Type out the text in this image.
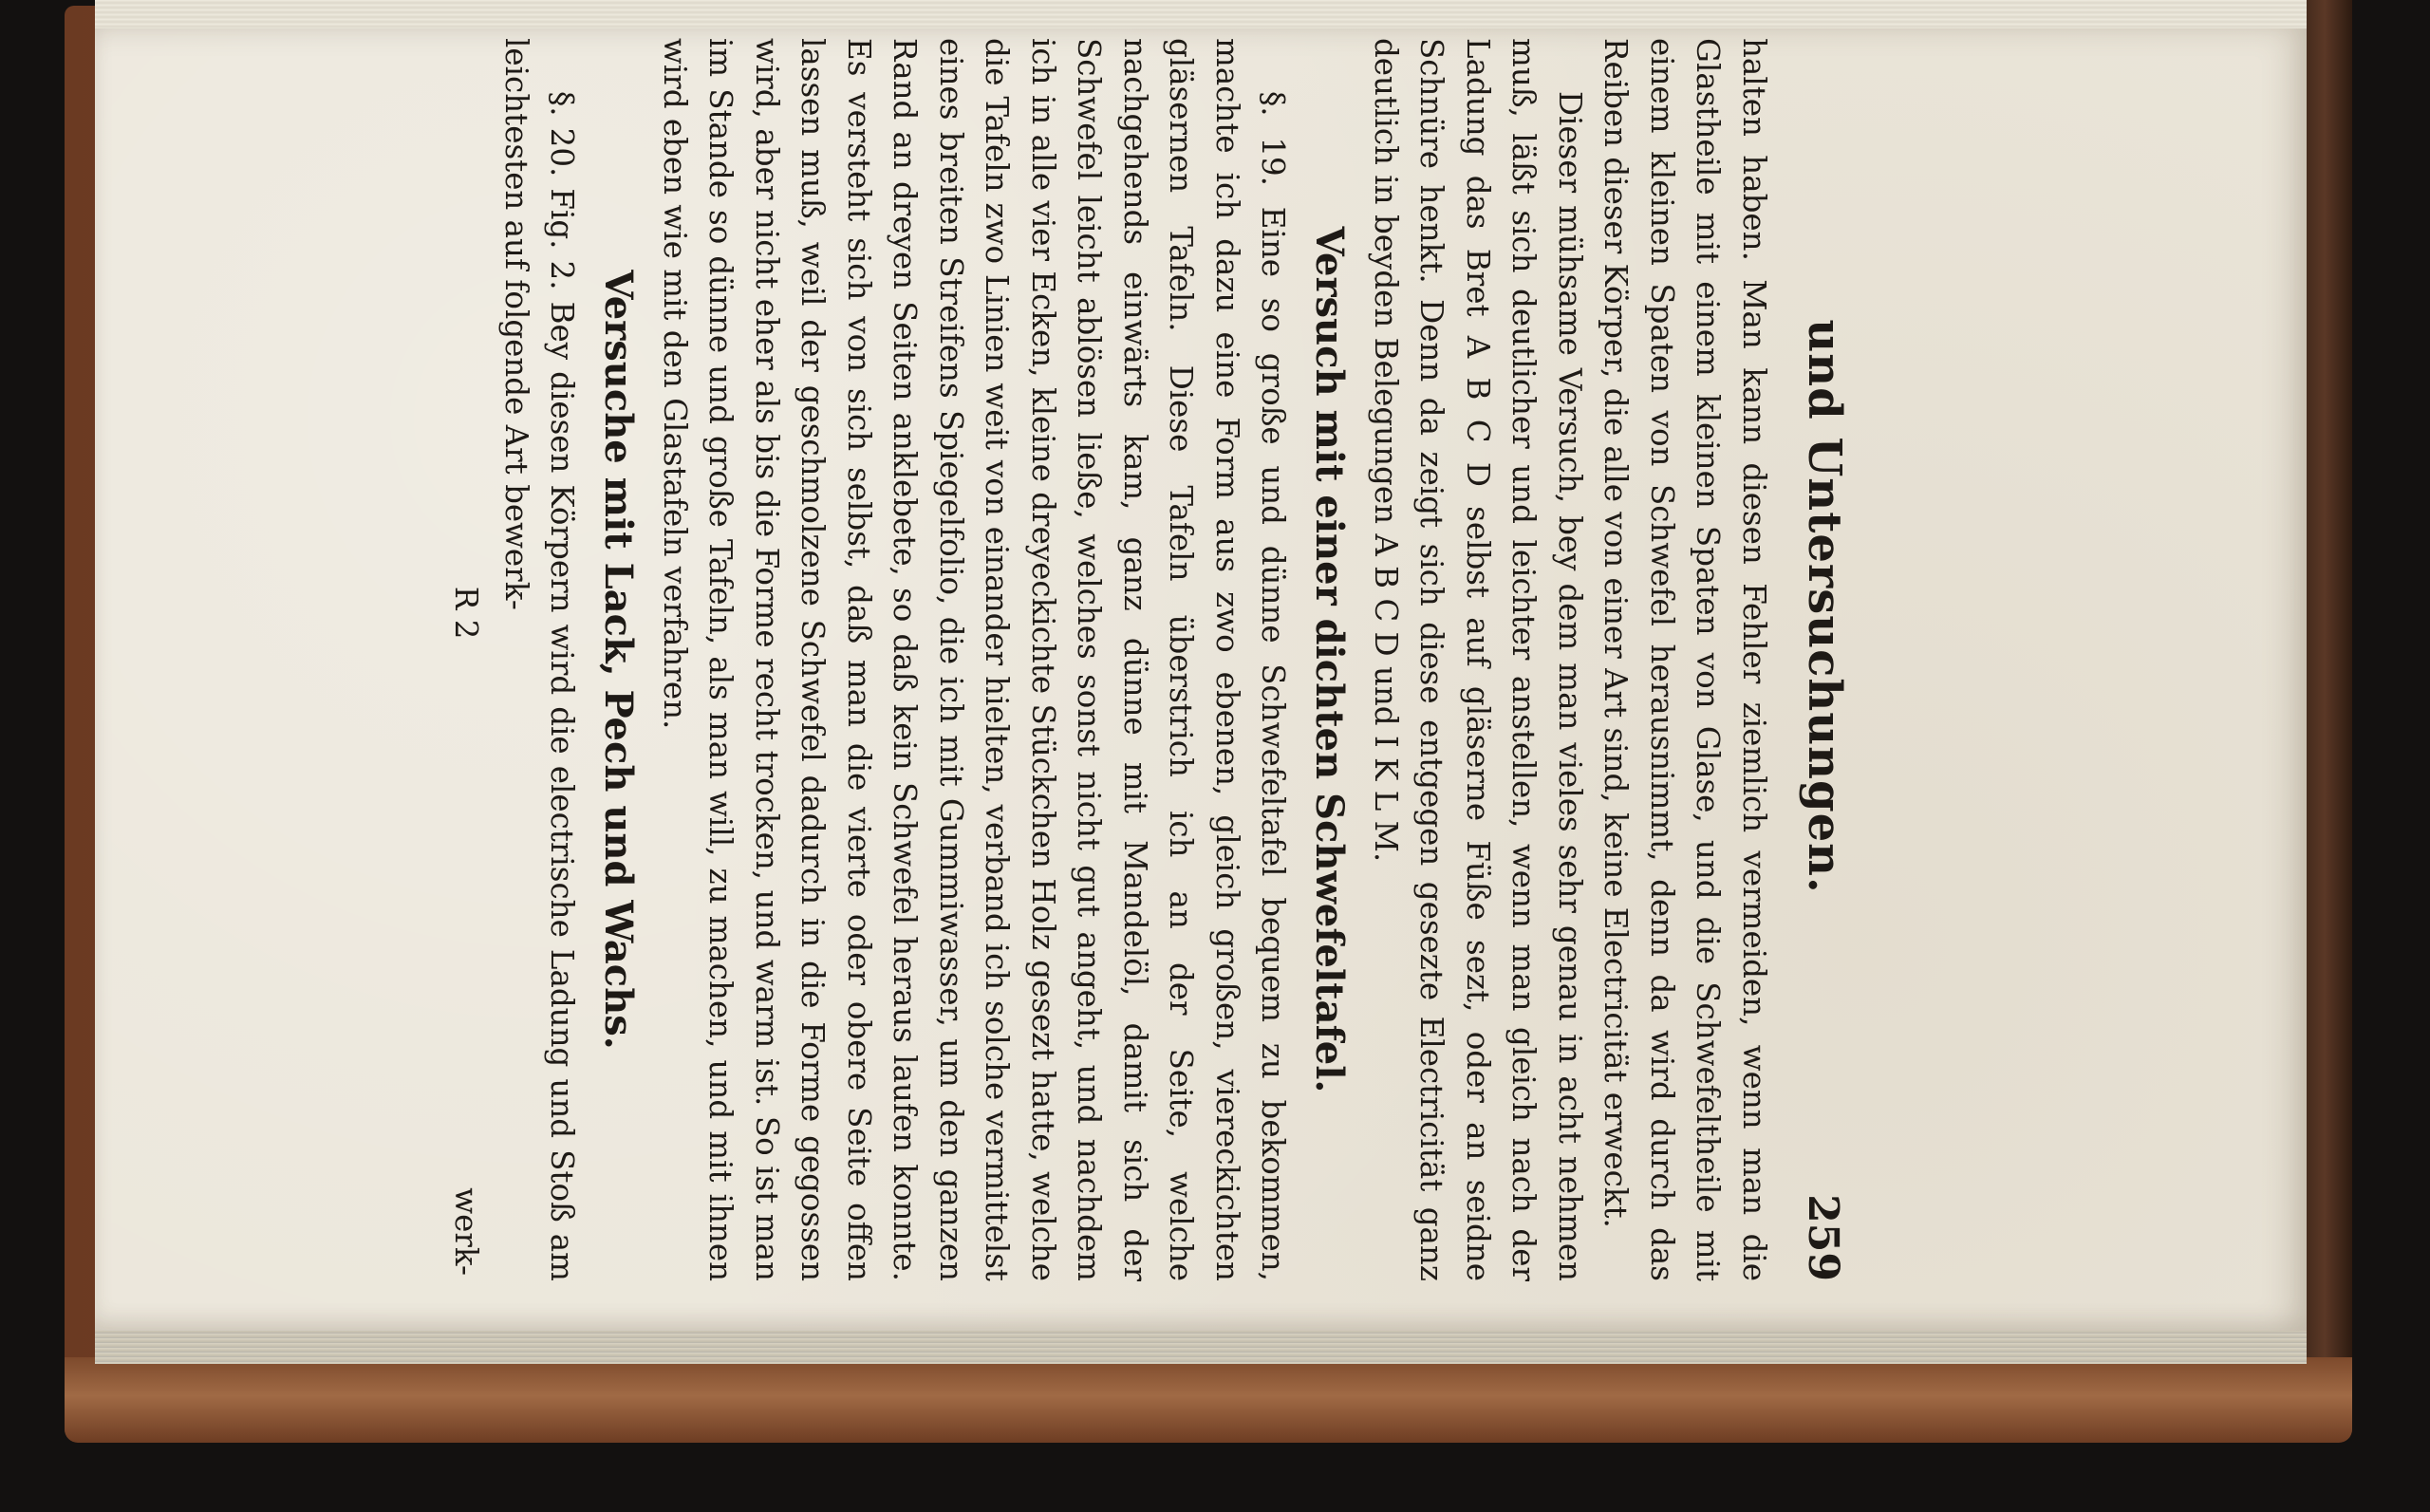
und Untersuchungen.
259

halten haben. Man kann diesen Fehler ziemlich vermeiden, wenn man die Glastheile mit einem kleinen Spaten von Glase, und die Schwefeltheile mit einem kleinen Spaten von Schwefel herausnimmt, denn da wird durch das Reiben dieser Körper, die alle von einer Art sind, keine Electricität erweckt.

Dieser mühsame Versuch, bey dem man vieles sehr genau in acht nehmen muß, läßt sich deutlicher und leichter anstellen, wenn man gleich nach der Ladung das Bret A B C D selbst auf gläserne Füße sezt, oder an seidne Schnüre henkt. Denn da zeigt sich diese entgegen gesezte Electricität ganz deutlich in beyden Belegungen A B C D und I K L M.

Versuch mit einer dichten Schwefeltafel.

§. 19. Eine so große und dünne Schwefeltafel bequem zu bekommen, machte ich dazu eine Form aus zwo ebenen, gleich großen, viereckichten gläsernen Tafeln. Diese Tafeln überstrich ich an der Seite, welche nachgehends einwärts kam, ganz dünne mit Mandelöl, damit sich der Schwefel leicht ablösen ließe, welches sonst nicht gut angeht, und nachdem ich in alle vier Ecken, kleine dreyeckichte Stückchen Holz gesezt hatte, welche die Tafeln zwo Linien weit von einander hielten, verband ich solche vermittelst eines breiten Streifens Spiegelfolio, die ich mit Gummiwasser, um den ganzen Rand an dreyen Seiten anklebete, so daß kein Schwefel heraus laufen konnte. Es versteht sich von sich selbst, daß man die vierte oder obere Seite offen lassen muß, weil der geschmolzene Schwefel dadurch in die Forme gegossen wird, aber nicht eher als bis die Forme recht trocken, und warm ist. So ist man im Stande so dünne und große Tafeln, als man will, zu machen, und mit ihnen wird eben wie mit den Glastafeln verfahren.

Versuche mit Lack, Pech und Wachs.

§. 20. Fig. 2. Bey diesen Körpern wird die electrische Ladung und Stoß am leichtesten auf folgende Art bewerk-

R 2
werk-
